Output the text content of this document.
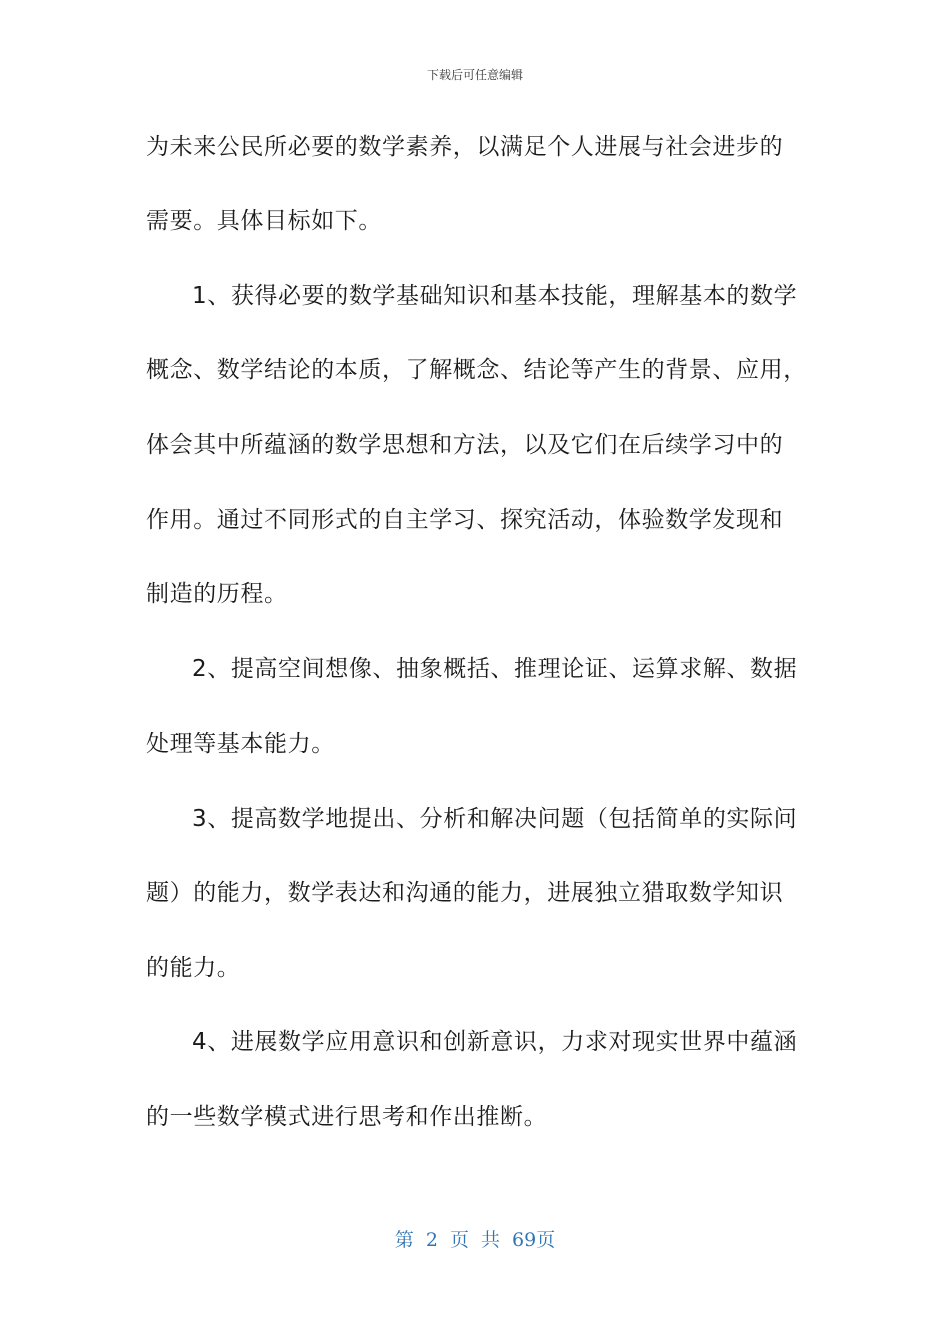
下载后可任意编辑
为未来公民所必要的数学素养，以满足个人进展与社会进步的
需要。具体目标如下。
1、获得必要的数学基础知识和基本技能，理解基本的数学
概念、数学结论的本质，了解概念、结论等产生的背景、应用，
体会其中所蕴涵的数学思想和方法，以及它们在后续学习中的
作用。通过不同形式的自主学习、探究活动，体验数学发现和
制造的历程。
2、提高空间想像、抽象概括、推理论证、运算求解、数据
处理等基本能力。
3、提高数学地提出、分析和解决问题（包括简单的实际问
题）的能力，数学表达和沟通的能力，进展独立猎取数学知识
的能力。
4、进展数学应用意识和创新意识，力求对现实世界中蕴涵
的一些数学模式进行思考和作出推断。
第 2 页 共 69页
